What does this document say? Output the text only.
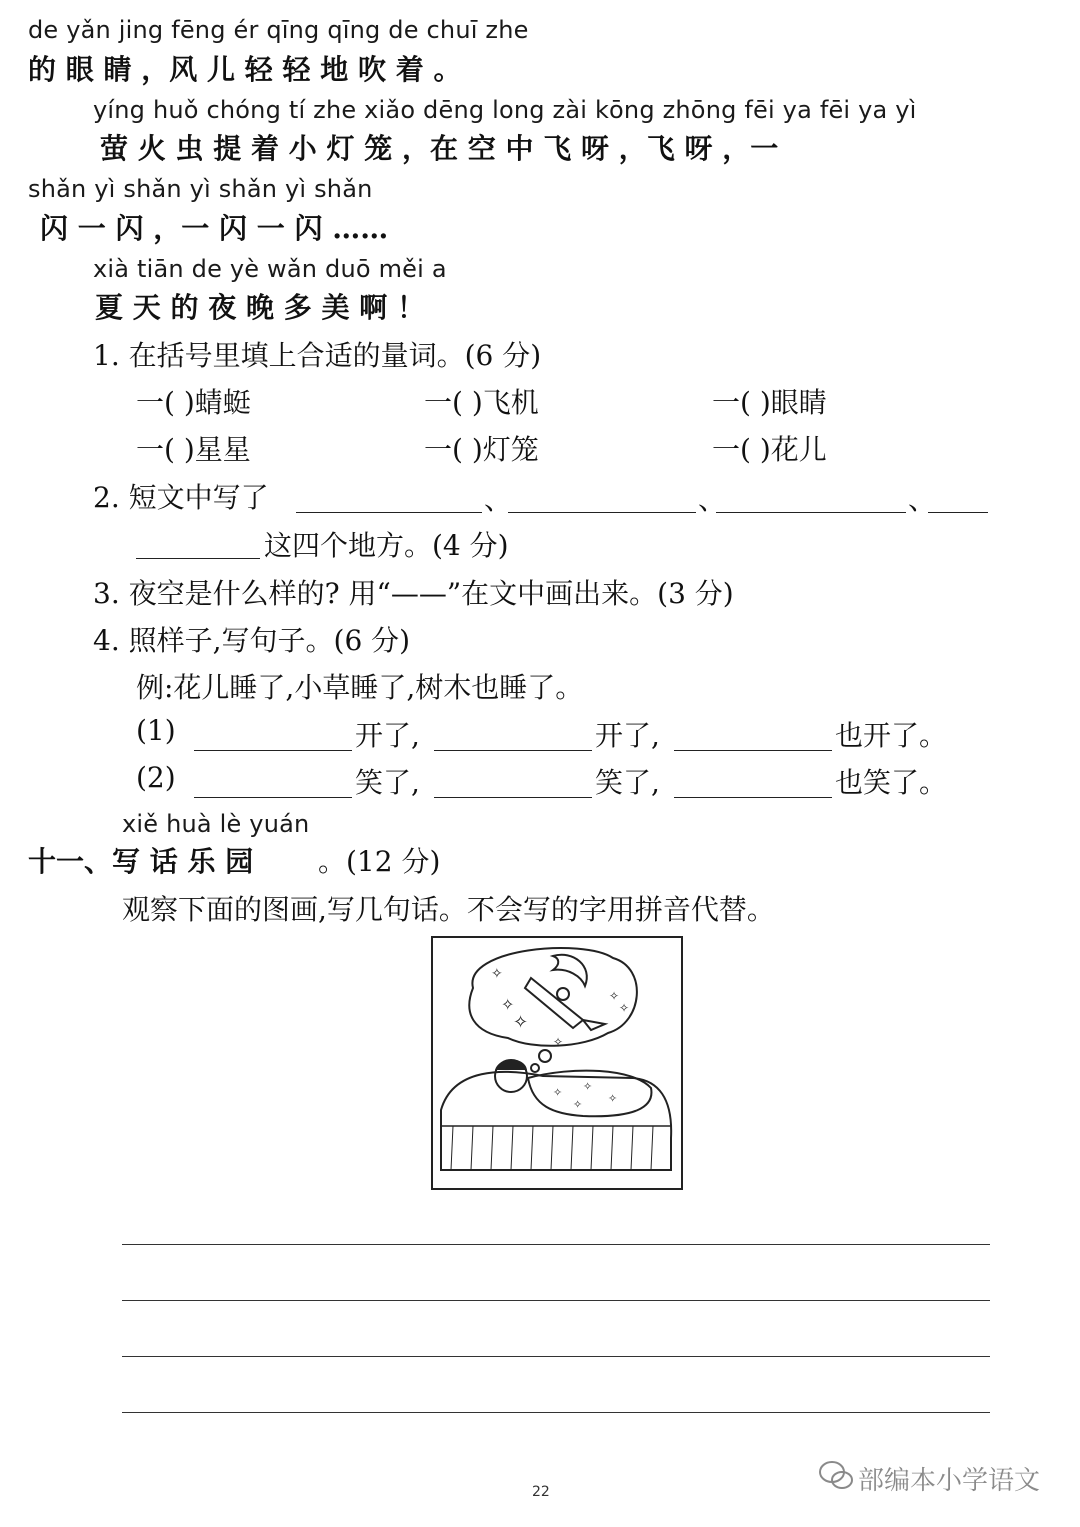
de yǎn jing fēng ér qīng qīng de chuī zhe
的 眼 睛 ，风 儿 轻 轻 地 吹 着 。
yíng huǒ chóng tí zhe xiǎo dēng long zài kōng zhōng fēi ya fēi ya yì
萤 火 虫 提 着 小 灯 笼 ，在 空 中 飞 呀 ，飞 呀 ，一
shǎn yì shǎn yì shǎn yì shǎn
闪 一 闪 ，一 闪 一 闪 ……
xià tiān de yè wǎn duō měi a
夏 天 的 夜 晚 多 美 啊 ！
1. 在括号里填上合适的量词。(6 分)
一( )蜻蜓	一( )飞机	一( )眼睛
一( )星星	一( )灯笼	一( )花儿
2. 短文中写了	、	、	、
这四个地方。(4 分)
3. 夜空是什么样的? 用“——”在文中画出来。(3 分)
4. 照样子,写句子。(6 分)
例:花儿睡了,小草睡了,树木也睡了。
(1)	开了,	开了,	也开了。
(2)	笑了,	笑了,	也笑了。
xiě huà lè yuán
十一、写 话 乐 园 。(12 分)
观察下面的图画,写几句话。不会写的字用拼音代替。
✧
✧
✧
✧
✧
✧
✧ ✧
✧
✧
22	部编本小学语文
